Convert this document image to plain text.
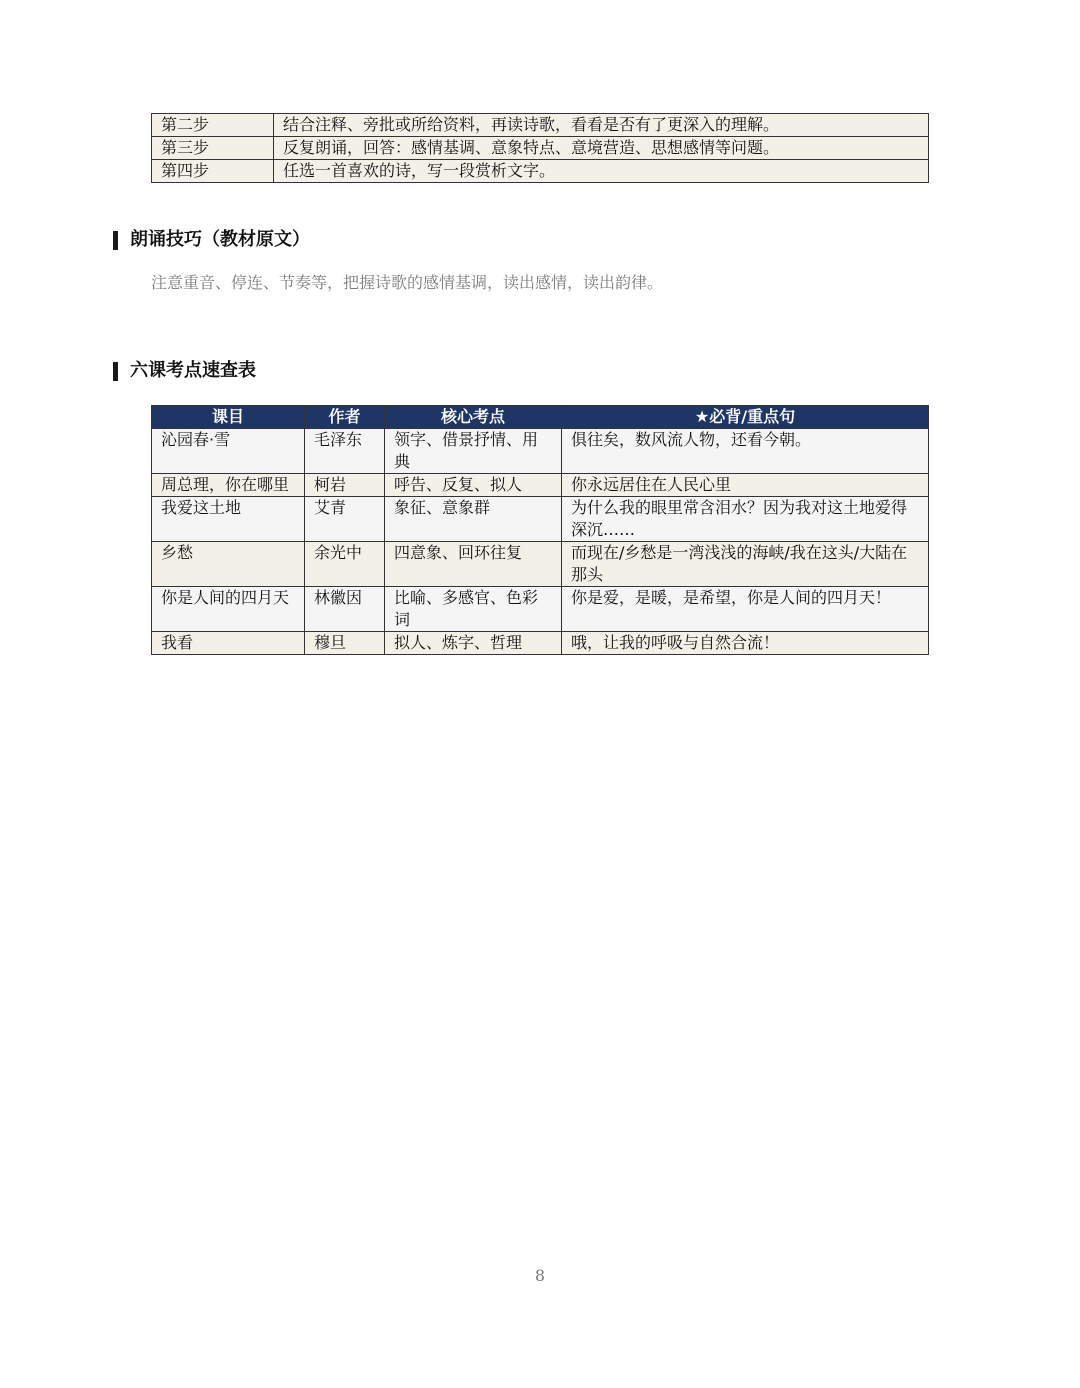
第二步	结合注释、旁批或所给资料，再读诗歌，看看是否有了更深入的理解。
第三步	反复朗诵，回答：感情基调、意象特点、意境营造、思想感情等问题。
第四步	任选一首喜欢的诗，写一段赏析文字。
朗诵技巧（教材原文）
注意重音、停连、节奏等，把握诗歌的感情基调，读出感情，读出韵律。
六课考点速查表
课目	作者	核心考点	★必背/重点句
沁园春·雪	毛泽东	领字、借景抒情、用典	俱往矣，数风流人物，还看今朝。
周总理，你在哪里	柯岩	呼告、反复、拟人	你永远居住在人民心里
我爱这土地	艾青	象征、意象群	为什么我的眼里常含泪水？因为我对这土地爱得深沉……
乡愁	余光中	四意象、回环往复	而现在/乡愁是一湾浅浅的海峡/我在这头/大陆在那头
你是人间的四月天	林徽因	比喻、多感官、色彩词	你是爱，是暖，是希望，你是人间的四月天！
我看	穆旦	拟人、炼字、哲理	哦，让我的呼吸与自然合流！
8
